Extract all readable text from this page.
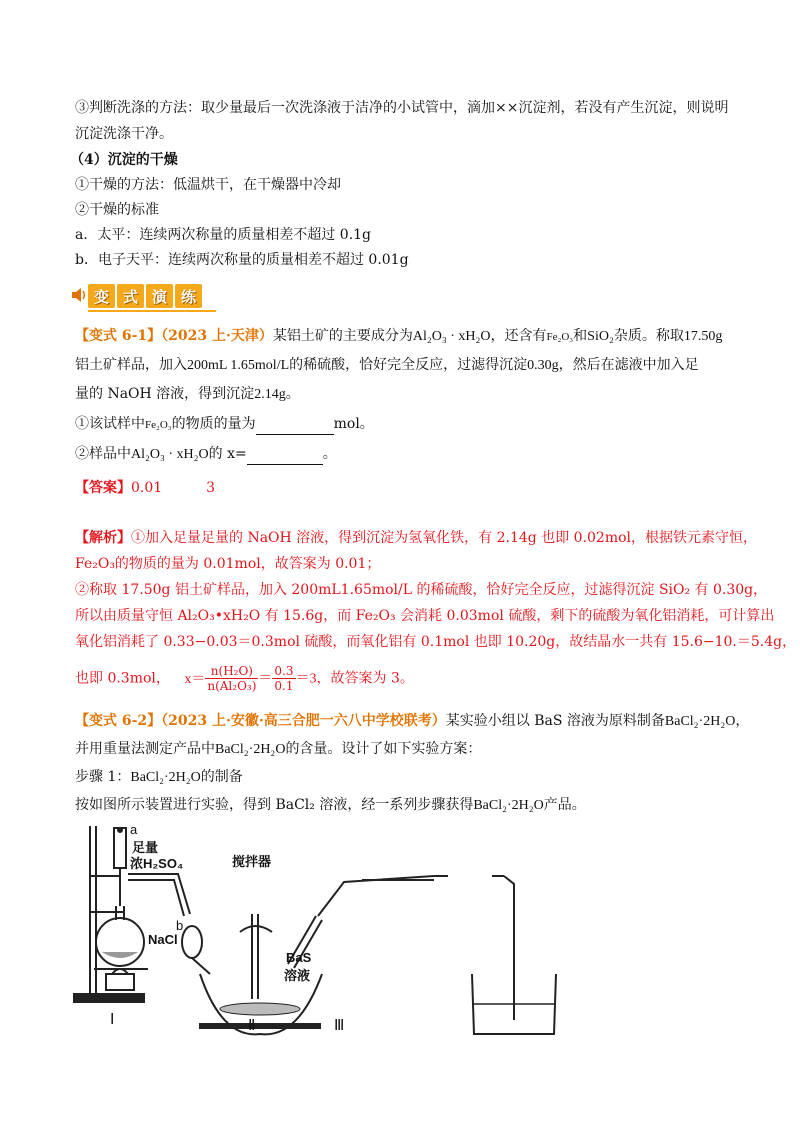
③判断洗涤的方法：取少量最后一次洗涤液于洁净的小试管中，滴加××沉淀剂，若没有产生沉淀，则说明
沉淀洗涤干净。
（4）沉淀的干燥
①干燥的方法：低温烘干，在干燥器中冷却
②干燥的标准
a．太平：连续两次称量的质量相差不超过 0.1g
b．电子天平：连续两次称量的质量相差不超过 0.01g
变 式 演 练
【变式 6-1】（2023 上·天津）某铝土矿的主要成分为Al₂O₃ · xH₂O，还含有Fe₂O₃和SiO₂杂质。称取17.50g
铝土矿样品，加入200mL 1.65mol/L的稀硫酸，恰好完全反应，过滤得沉淀0.30g，然后在滤液中加入足
量的 NaOH 溶液，得到沉淀2.14g。
①该试样中Fe₂O₃的物质的量为	mol。
②样品中Al₂O₃ · xH₂O的 x=	。
【答案】0.01	3
【解析】①加入足量足量的 NaOH 溶液，得到沉淀为氢氧化铁，有 2.14g 也即 0.02mol，根据铁元素守恒，
Fe₂O₃的物质的量为 0.01mol，故答案为 0.01；
②称取 17.50g 铝土矿样品，加入 200mL1.65mol/L 的稀硫酸，恰好完全反应，过滤得沉淀 SiO₂ 有 0.30g，
所以由质量守恒 Al₂O₃•xH₂O 有 15.6g，而 Fe₂O₃ 会消耗 0.03mol 硫酸，剩下的硫酸为氧化铝消耗，可计算出
氧化铝消耗了 0.33−0.03＝0.3mol 硫酸，而氧化铝有 0.1mol 也即 10.20g，故结晶水一共有 15.6−10.＝5.4g，
也即 0.3mol， $x= \frac{\text{n(H₂O)}}{\text{n(Al₂O₃)}} = \frac{0.3}{0.1} =3$，故答案为 3。
【变式 6-2】（2023 上·安徽·高三合肥一六八中学校联考）某实验小组以 BaS 溶液为原料制备BaCl₂·2H₂O，
并用重量法测定产品中BaCl₂·2H₂O的含量。设计了如下实验方案：
步骤 1：BaCl₂·2H₂O的制备
按如图所示装置进行实验，得到 BaCl₂ 溶液，经一系列步骤获得BaCl₂·2H₂O产品。
a
足量
浓H₂SO₄
b
NaCl
搅拌器
BaS
溶液
Ⅰ	Ⅱ	Ⅲ
